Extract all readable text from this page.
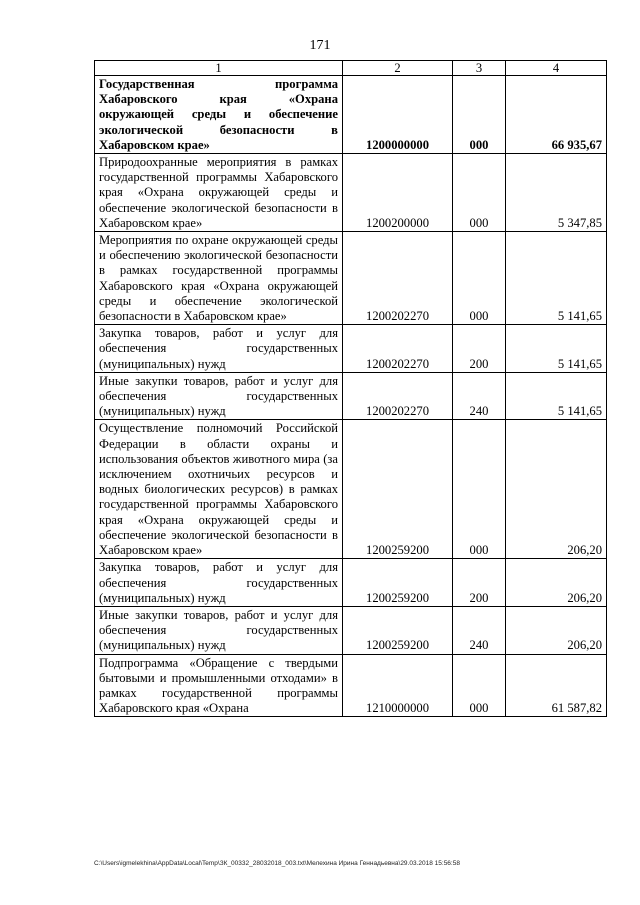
171
1	2	3	4
Государственная программа Хабаровского края «Охрана окружающей среды и обеспечение экологической безопасности в Хабаровском крае»	1200000000	000	66 935,67
Природоохранные мероприятия в рамках государственной программы Хабаровского края «Охрана окружающей среды и обеспечение экологической безопасности в Хабаровском крае»	1200200000	000	5 347,85
Мероприятия по охране окружающей среды и обеспечению экологической безопасности в рамках государственной программы Хабаровского края «Охрана окружающей среды и обеспечение экологической безопасности в Хабаровском крае»	1200202270	000	5 141,65
Закупка товаров, работ и услуг для обеспечения государственных (муниципальных) нужд	1200202270	200	5 141,65
Иные закупки товаров, работ и услуг для обеспечения государственных (муниципальных) нужд	1200202270	240	5 141,65
Осуществление полномочий Российской Федерации в области охраны и использования объектов животного мира (за исключением охотничьих ресурсов и водных биологических ресурсов) в рамках государственной программы Хабаровского края «Охрана окружающей среды и обеспечение экологической безопасности в Хабаровском крае»	1200259200	000	206,20
Закупка товаров, работ и услуг для обеспечения государственных (муниципальных) нужд	1200259200	200	206,20
Иные закупки товаров, работ и услуг для обеспечения государственных (муниципальных) нужд	1200259200	240	206,20
Подпрограмма «Обращение с твердыми бытовыми и промышленными отходами» в рамках государственной программы Хабаровского края «Охрана	1210000000	000	61 587,82
C:\Users\igmelekhina\AppData\Local\Temp\ЗК_00332_28032018_003.txt\Мелехина Ирина Геннадьевна\29.03.2018 15:56:58
